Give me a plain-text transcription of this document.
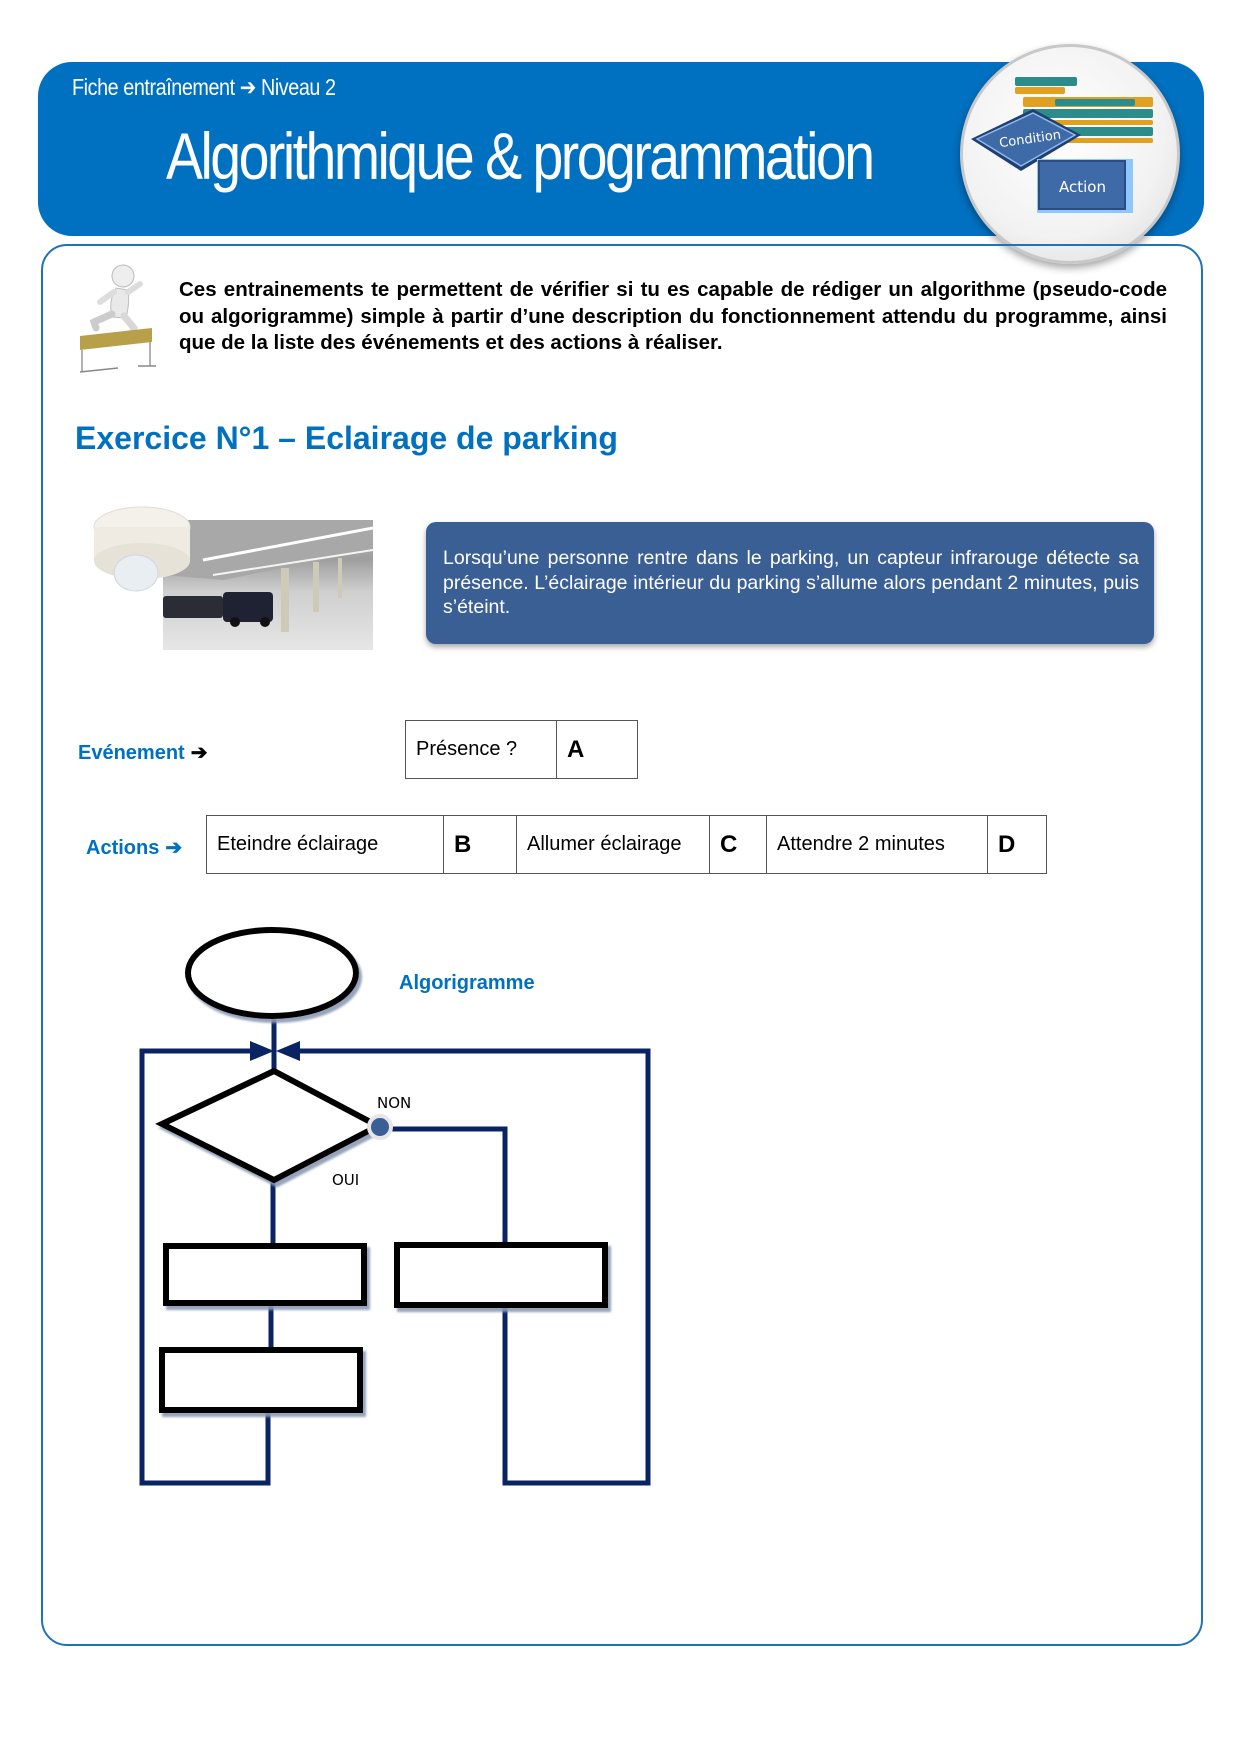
Fiche entraînement ➔ Niveau 2
Algorithmique & programmation	Condition
Action
Ces entrainements te permettent de vérifier si tu es capable de rédiger un algorithme (pseudo-code ou algorigramme) simple à partir d’une description du fonctionnement attendu du programme, ainsi que de la liste des événements et des actions à réaliser.
Exercice N°1 – Eclairage de parking
Lorsqu’une personne rentre dans le parking, un capteur infrarouge détecte sa présence. L’éclairage intérieur du parking s’allume alors pendant 2 minutes, puis s’éteint.
Evénement ➔	Présence ?	A
Actions ➔ Eteindre éclairage	B	Allumer éclairage	C	Attendre 2 minutes	D
Algorigramme
NON
OUI
